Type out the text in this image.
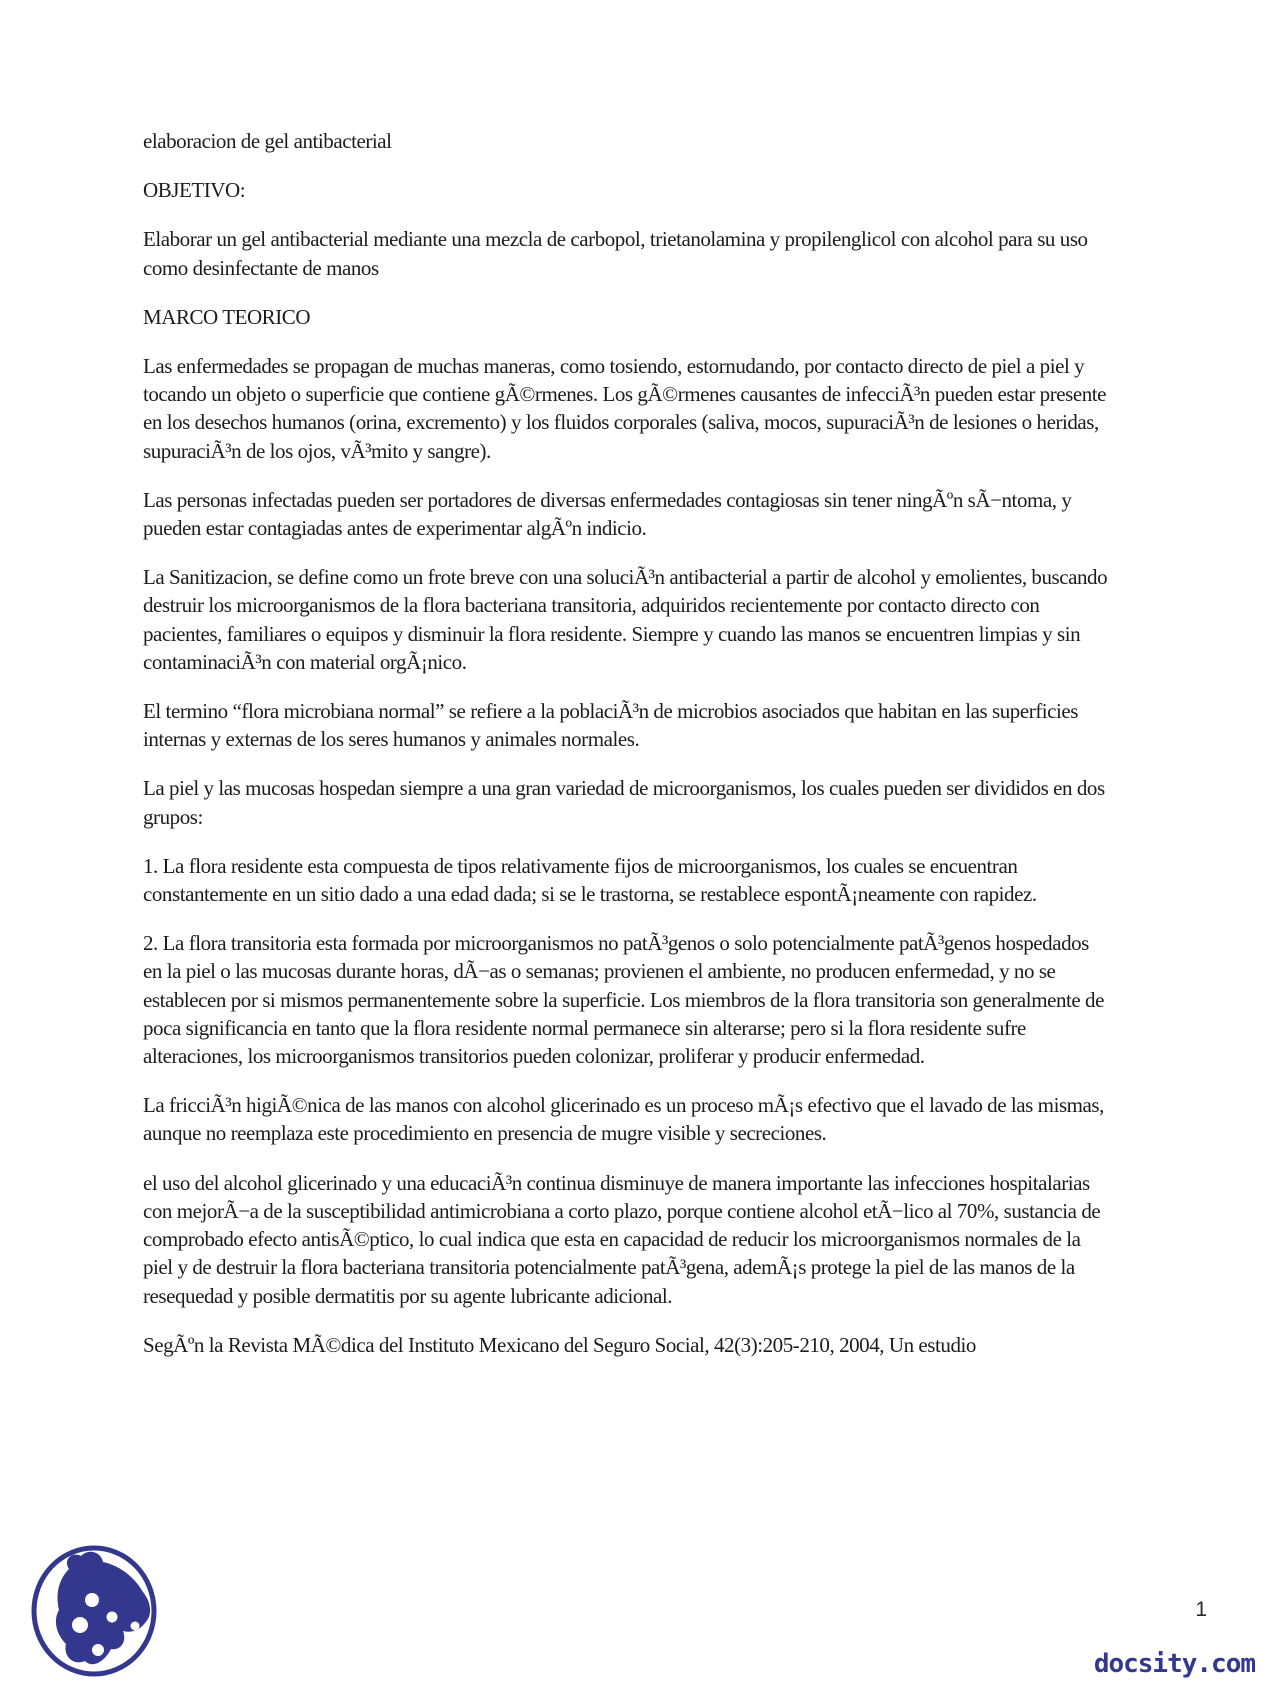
elaboracion de gel antibacterial

OBJETIVO:

Elaborar un gel antibacterial mediante una mezcla de carbopol, trietanolamina y propilenglicol con alcohol para su uso como desinfectante de manos

MARCO TEORICO

Las enfermedades se propagan de muchas maneras, como tosiendo, estornudando, por contacto directo de piel a piel y tocando un objeto o superficie que contiene gÃ©rmenes. Los gÃ©rmenes causantes de infecciÃ³n pueden estar presente en los desechos humanos (orina, excremento) y los fluidos corporales (saliva, mocos, supuraciÃ³n de lesiones o heridas, supuraciÃ³n de los ojos, vÃ³mito y sangre).

Las personas infectadas pueden ser portadores de diversas enfermedades contagiosas sin tener ningÃºn sÃ−ntoma, y pueden estar contagiadas antes de experimentar algÃºn indicio.

La Sanitizacion, se define como un frote breve con una soluciÃ³n antibacterial a partir de alcohol y emolientes, buscando destruir los microorganismos de la flora bacteriana transitoria, adquiridos recientemente por contacto directo con pacientes, familiares o equipos y disminuir la flora residente. Siempre y cuando las manos se encuentren limpias y sin contaminaciÃ³n con material orgÃ¡nico.

El termino “flora microbiana normal” se refiere a la poblaciÃ³n de microbios asociados que habitan en las superficies internas y externas de los seres humanos y animales normales.

La piel y las mucosas hospedan siempre a una gran variedad de microorganismos, los cuales pueden ser divididos en dos grupos:

1. La flora residente esta compuesta de tipos relativamente fijos de microorganismos, los cuales se encuentran constantemente en un sitio dado a una edad dada; si se le trastorna, se restablece espontÃ¡neamente con rapidez.

2. La flora transitoria esta formada por microorganismos no patÃ³genos o solo potencialmente patÃ³genos hospedados en la piel o las mucosas durante horas, dÃ−as o semanas; provienen el ambiente, no producen enfermedad, y no se establecen por si mismos permanentemente sobre la superficie. Los miembros de la flora transitoria son generalmente de poca significancia en tanto que la flora residente normal permanece sin alterarse; pero si la flora residente sufre alteraciones, los microorganismos transitorios pueden colonizar, proliferar y producir enfermedad.

La fricciÃ³n higiÃ©nica de las manos con alcohol glicerinado es un proceso mÃ¡s efectivo que el lavado de las mismas, aunque no reemplaza este procedimiento en presencia de mugre visible y secreciones.

el uso del alcohol glicerinado y una educaciÃ³n continua disminuye de manera importante las infecciones hospitalarias con mejorÃ−a de la susceptibilidad antimicrobiana a corto plazo, porque contiene alcohol etÃ−lico al 70%, sustancia de comprobado efecto antisÃ©ptico, lo cual indica que esta en capacidad de reducir los microorganismos normales de la piel y de destruir la flora bacteriana transitoria potencialmente patÃ³gena, ademÃ¡s protege la piel de las manos de la resequedad y posible dermatitis por su agente lubricante adicional.

SegÃºn la Revista MÃ©dica del Instituto Mexicano del Seguro Social, 42(3):205-210, 2004, Un estudio

1
docsity.com
